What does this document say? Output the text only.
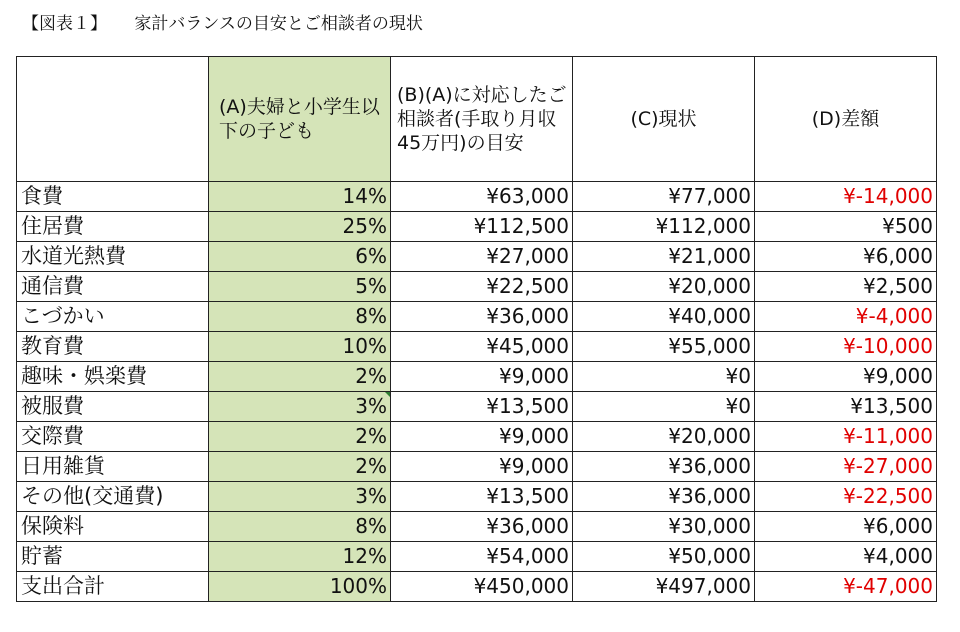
【図表１】 家計バランスの目安とご相談者の現状
	(A)夫婦と小学生以下の子ども	(B)(A)に対応したご相談者(手取り月収45万円)の目安	(C)現状	(D)差額
食費	14%	¥63,000	¥77,000	¥-14,000
住居費	25%	¥112,500	¥112,000	¥500
水道光熱費	6%	¥27,000	¥21,000	¥6,000
通信費	5%	¥22,500	¥20,000	¥2,500
こづかい	8%	¥36,000	¥40,000	¥-4,000
教育費	10%	¥45,000	¥55,000	¥-10,000
趣味・娯楽費	2%	¥9,000	¥0	¥9,000
被服費	3%	¥13,500	¥0	¥13,500
交際費	2%	¥9,000	¥20,000	¥-11,000
日用雑貨	2%	¥9,000	¥36,000	¥-27,000
その他(交通費)	3%	¥13,500	¥36,000	¥-22,500
保険料	8%	¥36,000	¥30,000	¥6,000
貯蓄	12%	¥54,000	¥50,000	¥4,000
支出合計	100%	¥450,000	¥497,000	¥-47,000
